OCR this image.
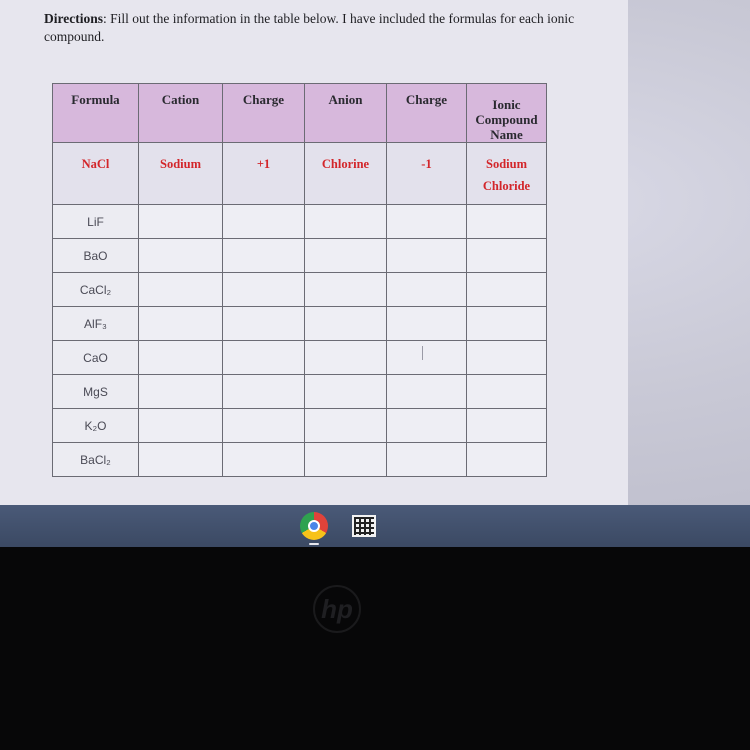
Directions: Fill out the information in the table below. I have included the formulas for each ionic compound.
Formula	Cation	Charge	Anion	Charge	Ionic Compound Name
NaCl	Sodium	+1	Chlorine	-1	Sodium Chloride
LiF					
BaO					
CaCl₂					
AlF₃					
CaO					
MgS					
K₂O					
BaCl₂					
hp
